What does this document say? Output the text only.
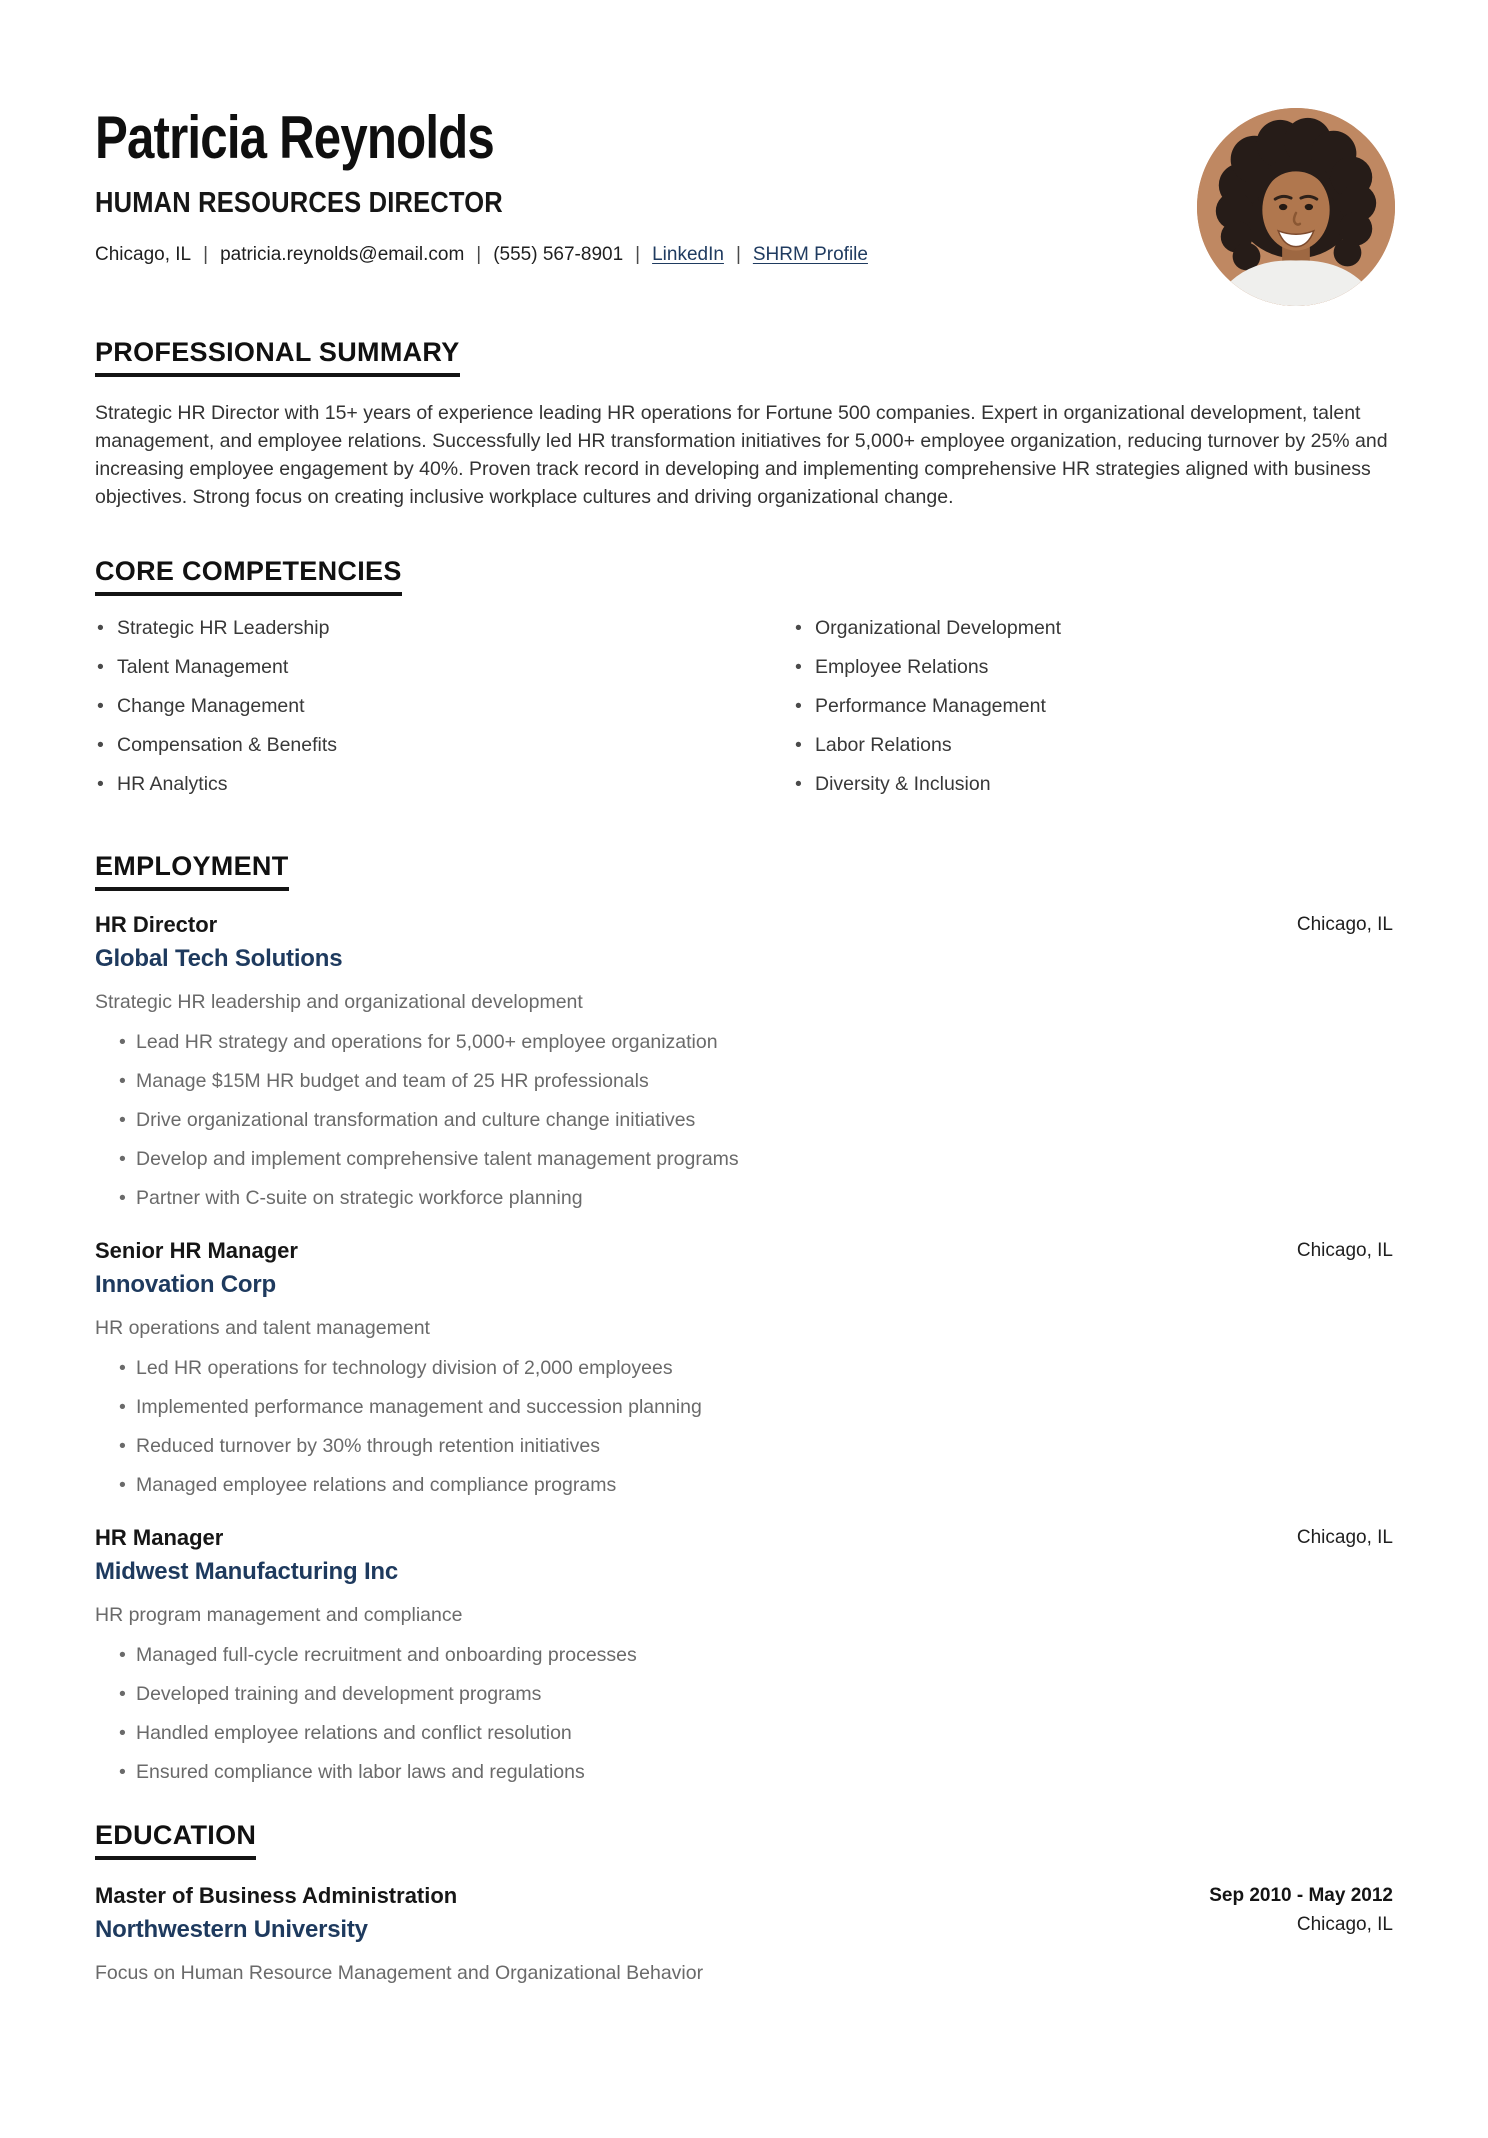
Patricia Reynolds
HUMAN RESOURCES DIRECTOR
Chicago, IL | patricia.reynolds@email.com | (555) 567-8901 | LinkedIn | SHRM Profile
PROFESSIONAL SUMMARY

Strategic HR Director with 15+ years of experience leading HR operations for Fortune 500 companies. Expert in organizational development, talent management, and employee relations. Successfully led HR transformation initiatives for 5,000+ employee organization, reducing turnover by 25% and increasing employee engagement by 40%. Proven track record in developing and implementing comprehensive HR strategies aligned with business objectives. Strong focus on creating inclusive workplace cultures and driving organizational change.

CORE COMPETENCIES
• Strategic HR Leadership
• Talent Management
• Change Management
• Compensation & Benefits
• HR Analytics
• Organizational Development
• Employee Relations
• Performance Management
• Labor Relations
• Diversity & Inclusion
EMPLOYMENT
HR Director	Chicago, IL
Global Tech Solutions
Strategic HR leadership and organizational development
• Lead HR strategy and operations for 5,000+ employee organization
• Manage $15M HR budget and team of 25 HR professionals
• Drive organizational transformation and culture change initiatives
• Develop and implement comprehensive talent management programs
• Partner with C-suite on strategic workforce planning
Senior HR Manager	Chicago, IL
Innovation Corp
HR operations and talent management
• Led HR operations for technology division of 2,000 employees
• Implemented performance management and succession planning
• Reduced turnover by 30% through retention initiatives
• Managed employee relations and compliance programs
HR Manager	Chicago, IL
Midwest Manufacturing Inc
HR program management and compliance
• Managed full-cycle recruitment and onboarding processes
• Developed training and development programs
• Handled employee relations and conflict resolution
• Ensured compliance with labor laws and regulations
EDUCATION
Master of Business Administration
Northwestern University
Sep 2010 - May 2012
Chicago, IL
Focus on Human Resource Management and Organizational Behavior
